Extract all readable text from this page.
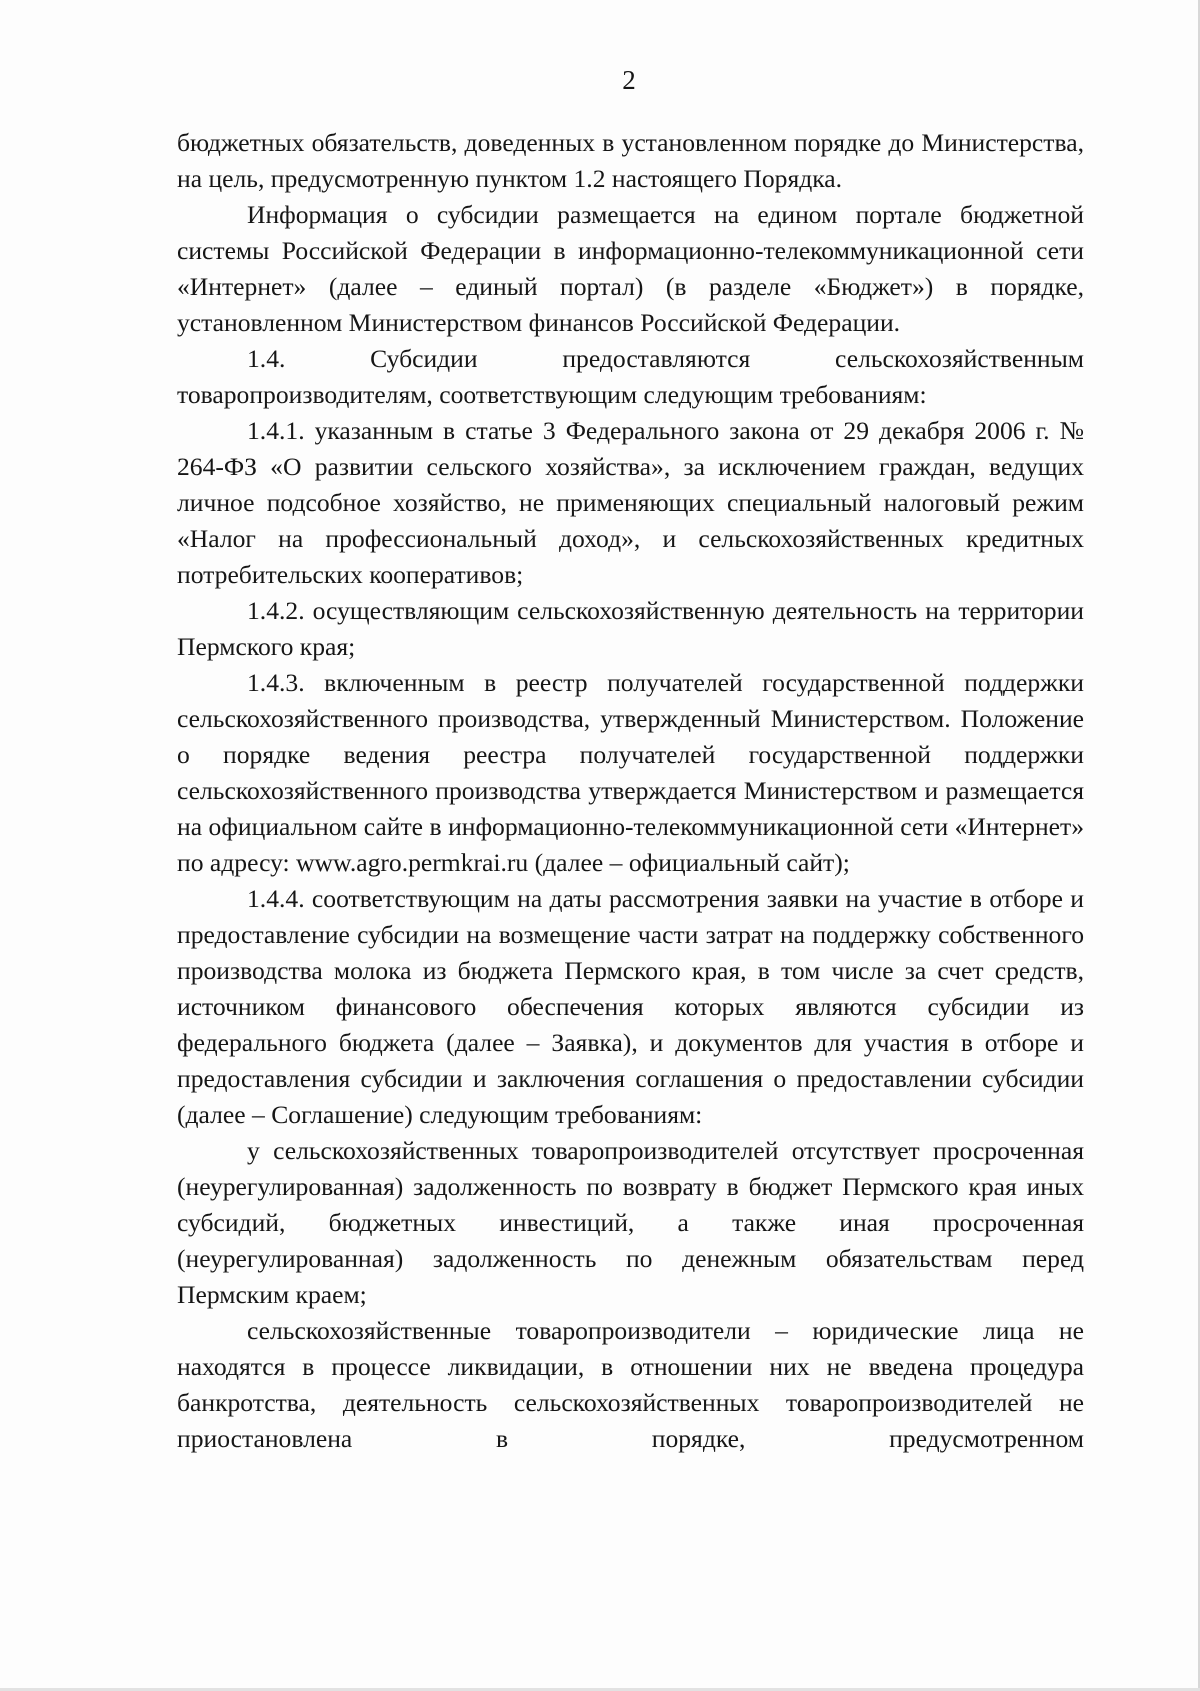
2

бюджетных обязательств, доведенных в установленном порядке до Министерства, на цель, предусмотренную пунктом 1.2 настоящего Порядка.

Информация о субсидии размещается на едином портале бюджетной системы Российской Федерации в информационно-телекоммуникационной сети «Интернет» (далее – единый портал) (в разделе «Бюджет») в порядке, установленном Министерством финансов Российской Федерации.

1.4. Субсидии предоставляются сельскохозяйственным товаропроизводителям, соответствующим следующим требованиям:

1.4.1. указанным в статье 3 Федерального закона от 29 декабря 2006 г. № 264-ФЗ «О развитии сельского хозяйства», за исключением граждан, ведущих личное подсобное хозяйство, не применяющих специальный налоговый режим «Налог на профессиональный доход», и сельскохозяйственных кредитных потребительских кооперативов;

1.4.2. осуществляющим сельскохозяйственную деятельность на территории Пермского края;

1.4.3. включенным в реестр получателей государственной поддержки сельскохозяйственного производства, утвержденный Министерством. Положение о порядке ведения реестра получателей государственной поддержки сельскохозяйственного производства утверждается Министерством и размещается на официальном сайте в информационно-телекоммуникационной сети «Интернет» по адресу: www.agro.permkrai.ru (далее – официальный сайт);

1.4.4. соответствующим на даты рассмотрения заявки на участие в отборе и предоставление субсидии на возмещение части затрат на поддержку собственного производства молока из бюджета Пермского края, в том числе за счет средств, источником финансового обеспечения которых являются субсидии из федерального бюджета (далее – Заявка), и документов для участия в отборе и предоставления субсидии и заключения соглашения о предоставлении субсидии (далее – Соглашение) следующим требованиям:

у сельскохозяйственных товаропроизводителей отсутствует просроченная (неурегулированная) задолженность по возврату в бюджет Пермского края иных субсидий, бюджетных инвестиций, а также иная просроченная (неурегулированная) задолженность по денежным обязательствам перед Пермским краем;

сельскохозяйственные товаропроизводители – юридические лица не находятся в процессе ликвидации, в отношении них не введена процедура банкротства, деятельность сельскохозяйственных товаропроизводителей не приостановлена в порядке, предусмотренном
